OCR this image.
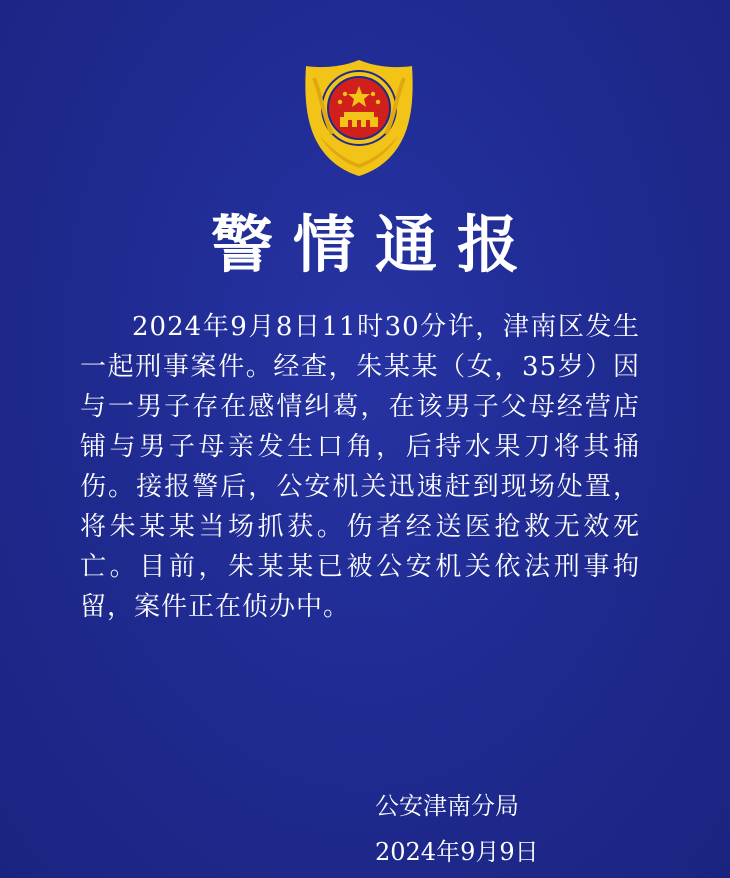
警情通报
2024年9月8日11时30分许，津南区发生一起刑事案件。经查，朱某某（女，35岁）因与一男子存在感情纠葛，在该男子父母经营店铺与男子母亲发生口角，后持水果刀将其捅伤。接报警后，公安机关迅速赶到现场处置，将朱某某当场抓获。伤者经送医抢救无效死亡。目前，朱某某已被公安机关依法刑事拘留，案件正在侦办中。
公安津南分局
2024年9月9日
